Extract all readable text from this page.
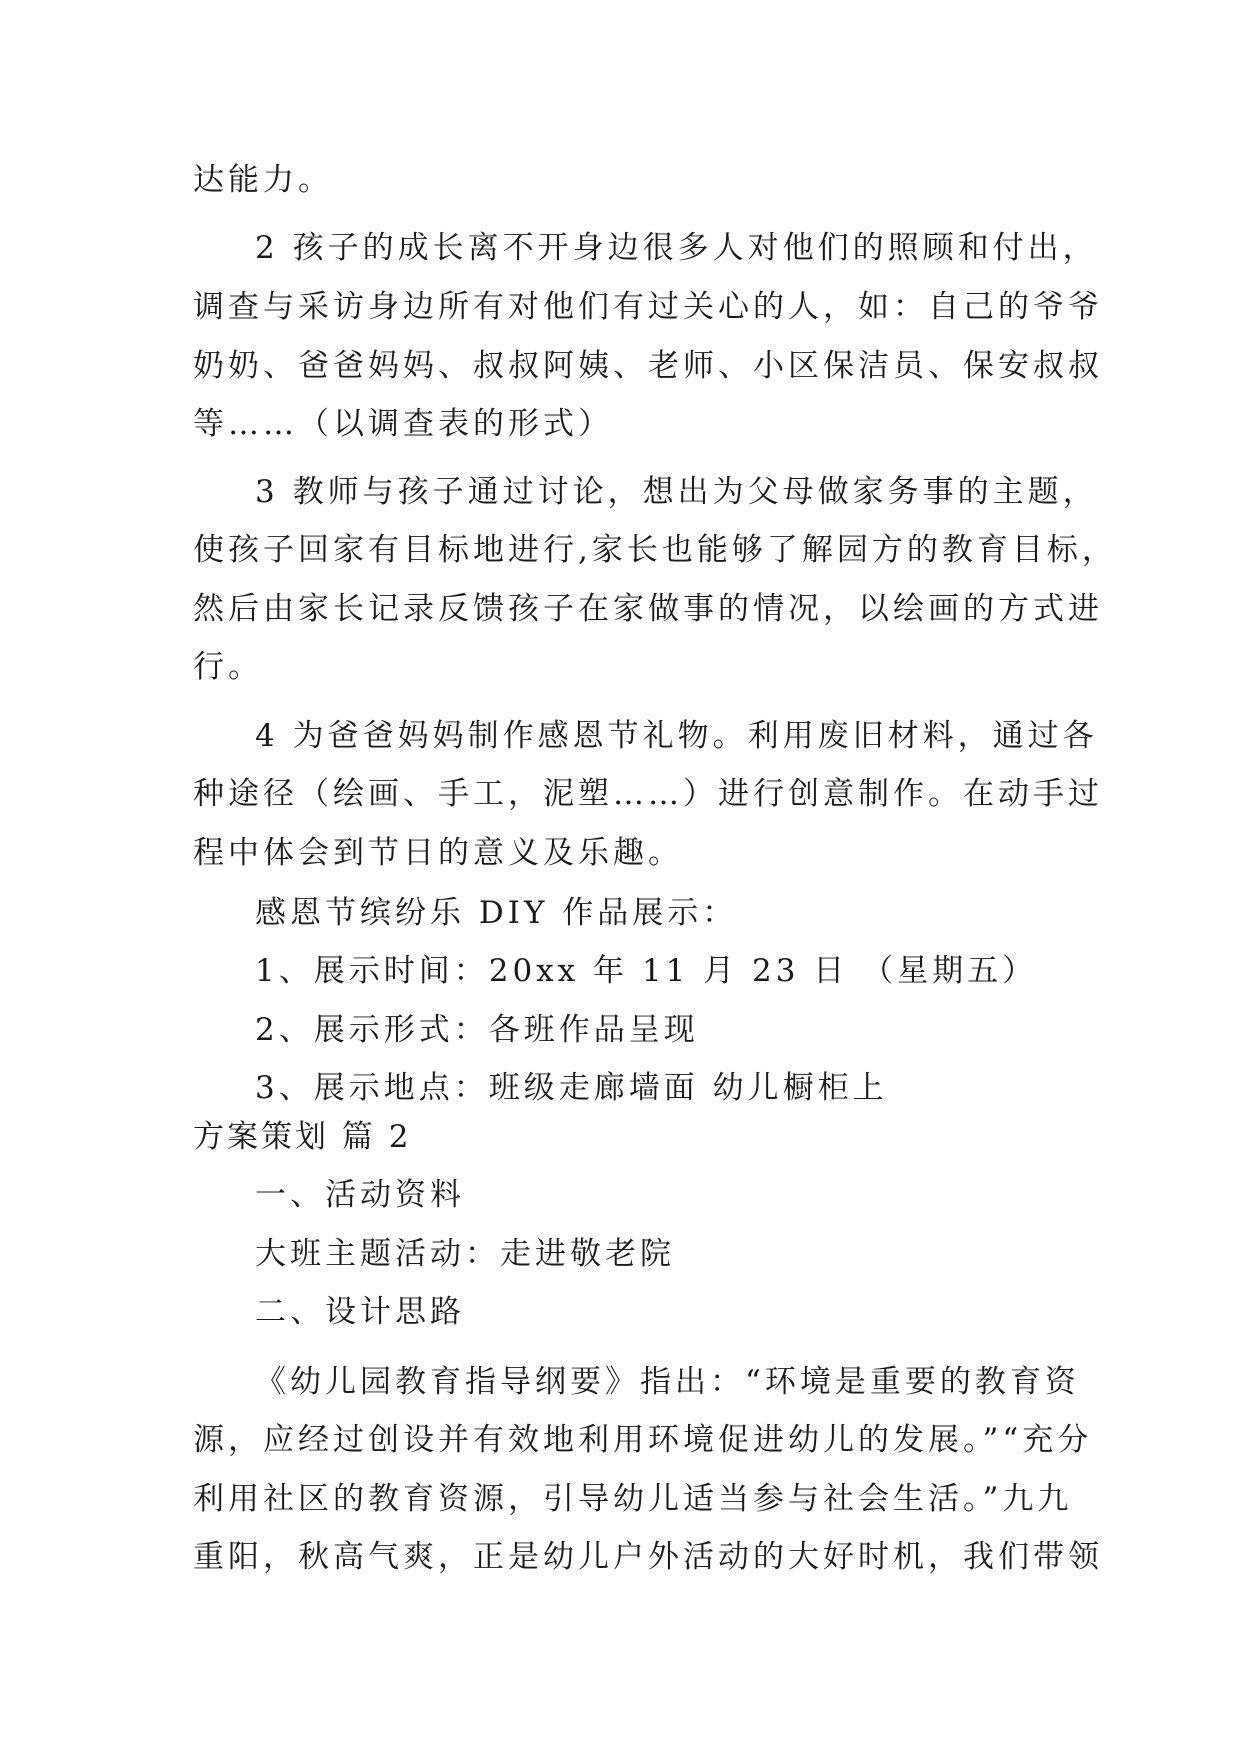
达能力。
2 孩子的成长离不开身边很多人对他们的照顾和付出，
调查与采访身边所有对他们有过关心的人，如：自己的爷爷
奶奶、爸爸妈妈、叔叔阿姨、老师、小区保洁员、保安叔叔
等……（以调查表的形式）
3 教师与孩子通过讨论，想出为父母做家务事的主题，
使孩子回家有目标地进行,家长也能够了解园方的教育目标，
然后由家长记录反馈孩子在家做事的情况，以绘画的方式进
行。
4 为爸爸妈妈制作感恩节礼物。利用废旧材料，通过各
种途径（绘画、手工，泥塑……）进行创意制作。在动手过
程中体会到节日的意义及乐趣。
感恩节缤纷乐 DIY 作品展示：
1、展示时间：20xx 年 11 月 23 日 （星期五）
2、展示形式：各班作品呈现
3、展示地点：班级走廊墙面 幼儿橱柜上
方案策划 篇 2
一、活动资料
大班主题活动：走进敬老院
二、设计思路
《幼儿园教育指导纲要》指出：“环境是重要的教育资
源，应经过创设并有效地利用环境促进幼儿的发展。”“充分
利用社区的教育资源，引导幼儿适当参与社会生活。”九九
重阳，秋高气爽，正是幼儿户外活动的大好时机，我们带领
